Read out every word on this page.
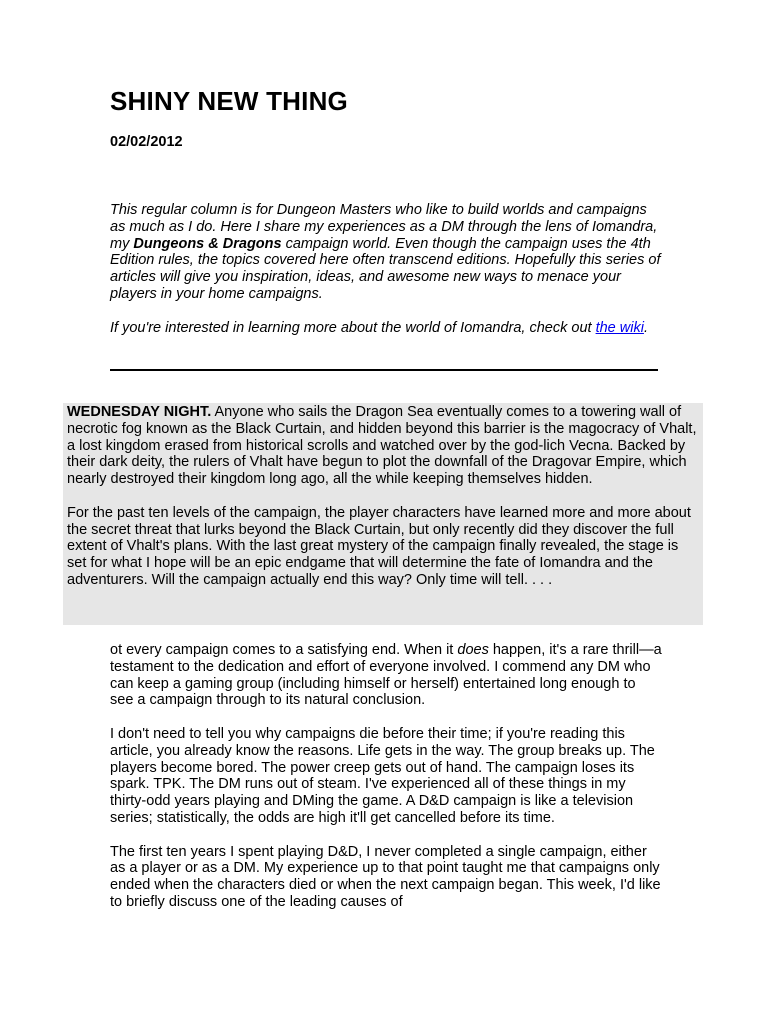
SHINY NEW THING
02/02/2012

This regular column is for Dungeon Masters who like to build worlds and campaigns as much as I do. Here I share my experiences as a DM through the lens of Iomandra, my Dungeons & Dragons campaign world. Even though the campaign uses the 4th Edition rules, the topics covered here often transcend editions. Hopefully this series of articles will give you inspiration, ideas, and awesome new ways to menace your players in your home campaigns.

If you're interested in learning more about the world of Iomandra, check out the wiki.

WEDNESDAY NIGHT. Anyone who sails the Dragon Sea eventually comes to a towering wall of necrotic fog known as the Black Curtain, and hidden beyond this barrier is the magocracy of Vhalt, a lost kingdom erased from historical scrolls and watched over by the god-lich Vecna. Backed by their dark deity, the rulers of Vhalt have begun to plot the downfall of the Dragovar Empire, which nearly destroyed their kingdom long ago, all the while keeping themselves hidden.

For the past ten levels of the campaign, the player characters have learned more and more about the secret threat that lurks beyond the Black Curtain, but only recently did they discover the full extent of Vhalt's plans. With the last great mystery of the campaign finally revealed, the stage is set for what I hope will be an epic endgame that will determine the fate of Iomandra and the adventurers. Will the campaign actually end this way? Only time will tell. . . .

ot every campaign comes to a satisfying end. When it does happen, it's a rare thrill—a testament to the dedication and effort of everyone involved. I commend any DM who can keep a gaming group (including himself or herself) entertained long enough to see a campaign through to its natural conclusion.

I don't need to tell you why campaigns die before their time; if you're reading this article, you already know the reasons. Life gets in the way. The group breaks up. The players become bored. The power creep gets out of hand. The campaign loses its spark. TPK. The DM runs out of steam. I've experienced all of these things in my thirty-odd years playing and DMing the game. A D&D campaign is like a television series; statistically, the odds are high it'll get cancelled before its time.

The first ten years I spent playing D&D, I never completed a single campaign, either as a player or as a DM. My experience up to that point taught me that campaigns only ended when the characters died or when the next campaign began. This week, I'd like to briefly discuss one of the leading causes of
